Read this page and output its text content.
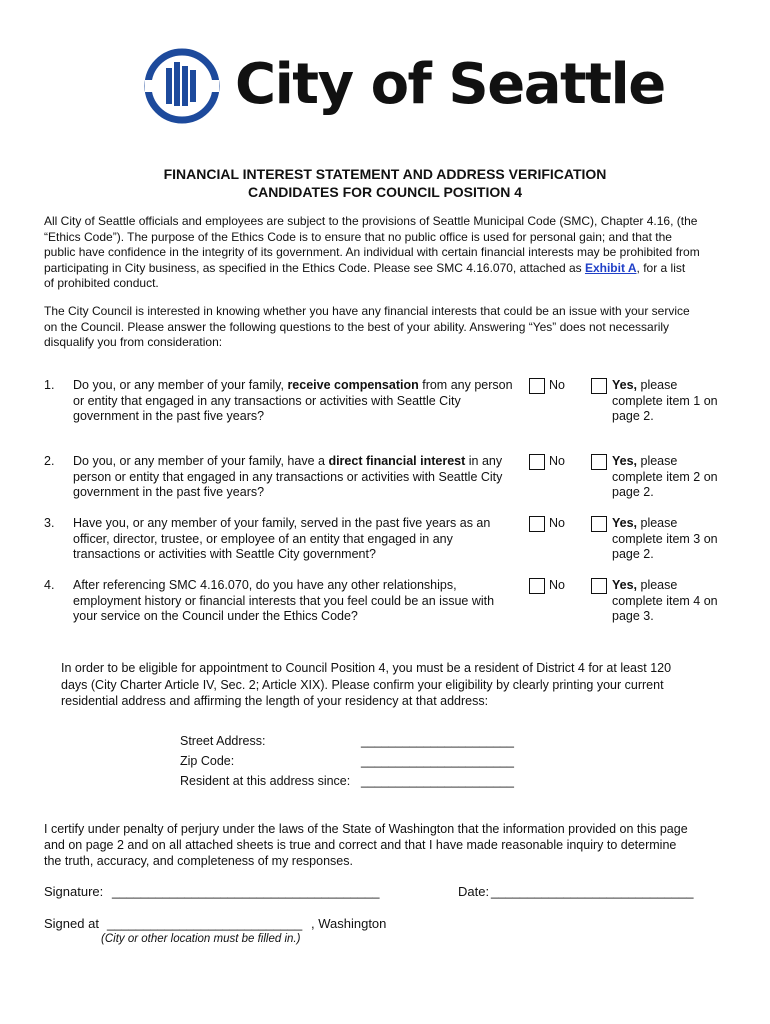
City of Seattle
FINANCIAL INTEREST STATEMENT AND ADDRESS VERIFICATION
CANDIDATES FOR COUNCIL POSITION 4
All City of Seattle officials and employees are subject to the provisions of Seattle Municipal Code (SMC), Chapter 4.16, (the
“Ethics Code”). The purpose of the Ethics Code is to ensure that no public office is used for personal gain; and that the
public have confidence in the integrity of its government. An individual with certain financial interests may be prohibited from
participating in City business, as specified in the Ethics Code. Please see SMC 4.16.070, attached as Exhibit A, for a list
of prohibited conduct.
The City Council is interested in knowing whether you have any financial interests that could be an issue with your service
on the Council. Please answer the following questions to the best of your ability. Answering “Yes” does not necessarily
disqualify you from consideration:
1. Do you, or any member of your family, receive compensation from any person or entity that engaged in any transactions or activities with Seattle City government in the past five years?
No	Yes, please
complete item 1 on
page 2.
2. Do you, or any member of your family, have a direct financial interest in any person or entity that engaged in any transactions or activities with Seattle City government in the past five years?
No	Yes, please
complete item 2 on
page 2.
3. Have you, or any member of your family, served in the past five years as an officer, director, trustee, or employee of an entity that engaged in any transactions or activities with Seattle City government?
No	Yes, please
complete item 3 on
page 2.
4. After referencing SMC 4.16.070, do you have any other relationships, employment history or financial interests that you feel could be an issue with your service on the Council under the Ethics Code?
No	Yes, please
complete item 4 on
page 3.
In order to be eligible for appointment to Council Position 4, you must be a resident of District 4 for at least 120
days (City Charter Article IV, Sec. 2; Article XIX). Please confirm your eligibility by clearly printing your current
residential address and affirming the length of your residency at that address:
Street Address:	______________________
Zip Code:	______________________
Resident at this address since: ______________________
I certify under penalty of perjury under the laws of the State of Washington that the information provided on this page
and on page 2 and on all attached sheets is true and correct and that I have made reasonable inquiry to determine
the truth, accuracy, and completeness of my responses.
Signature: _____________________________________	Date: ____________________________
Signed at ___________________________ , Washington
(City or other location must be filled in.)
